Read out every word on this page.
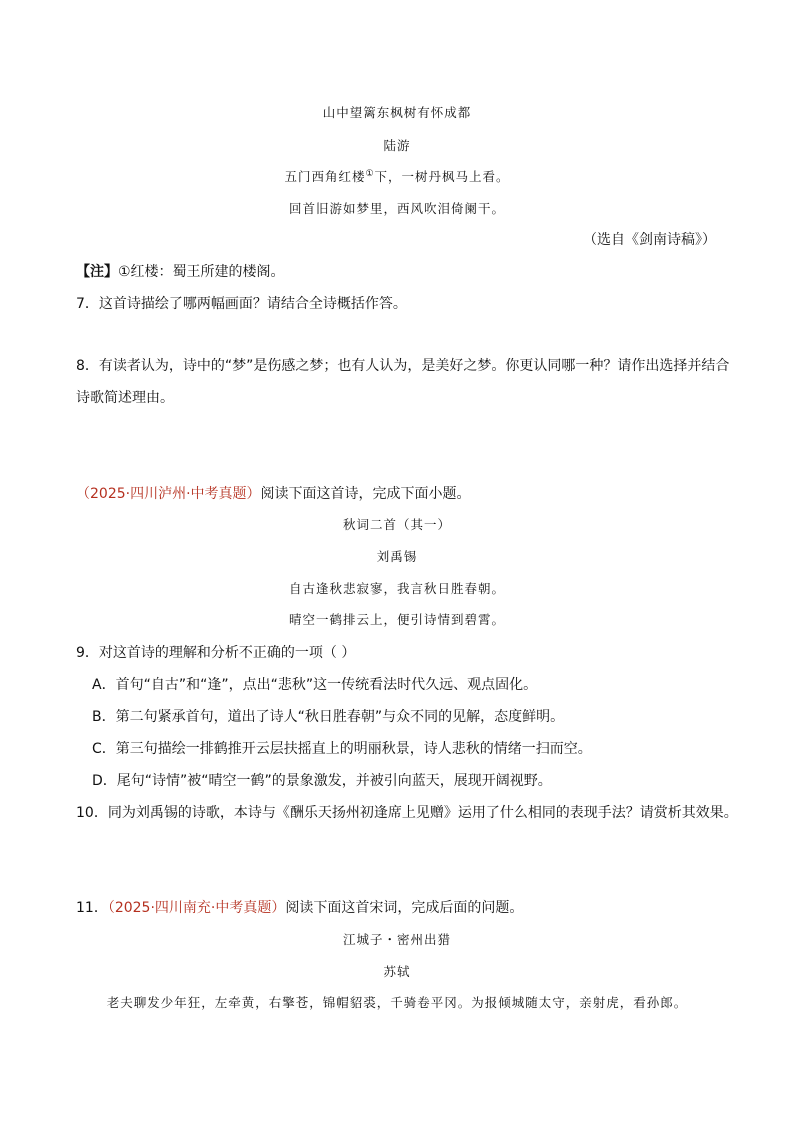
山中望篱东枫树有怀成都
陆游
五门西角红楼①下，一树丹枫马上看。
回首旧游如梦里，西风吹泪倚阑干。
（选自《剑南诗稿》）
【注】①红楼：蜀王所建的楼阁。
7．这首诗描绘了哪两幅画面？请结合全诗概括作答。
8．有读者认为，诗中的“梦”是伤感之梦；也有人认为，是美好之梦。你更认同哪一种？请作出选择并结合
诗歌简述理由。
（2025·四川泸州·中考真题）阅读下面这首诗，完成下面小题。
秋词二首（其一）
刘禹锡
自古逢秋悲寂寥，我言秋日胜春朝。
晴空一鹤排云上，便引诗情到碧霄。
9．对这首诗的理解和分析不正确的一项（ ）
A．首句“自古”和“逢”，点出“悲秋”这一传统看法时代久远、观点固化。
B．第二句紧承首句，道出了诗人“秋日胜春朝”与众不同的见解，态度鲜明。
C．第三句描绘一排鹤推开云层扶摇直上的明丽秋景，诗人悲秋的情绪一扫而空。
D．尾句“诗情”被“晴空一鹤”的景象激发，并被引向蓝天，展现开阔视野。
10．同为刘禹锡的诗歌，本诗与《酬乐天扬州初逢席上见赠》运用了什么相同的表现手法？请赏析其效果。
11．（2025·四川南充·中考真题）阅读下面这首宋词，完成后面的问题。
江城子・密州出猎
苏轼
老夫聊发少年狂，左牵黄，右擎苍，锦帽貂裘，千骑卷平冈。为报倾城随太守，亲射虎，看孙郎。
